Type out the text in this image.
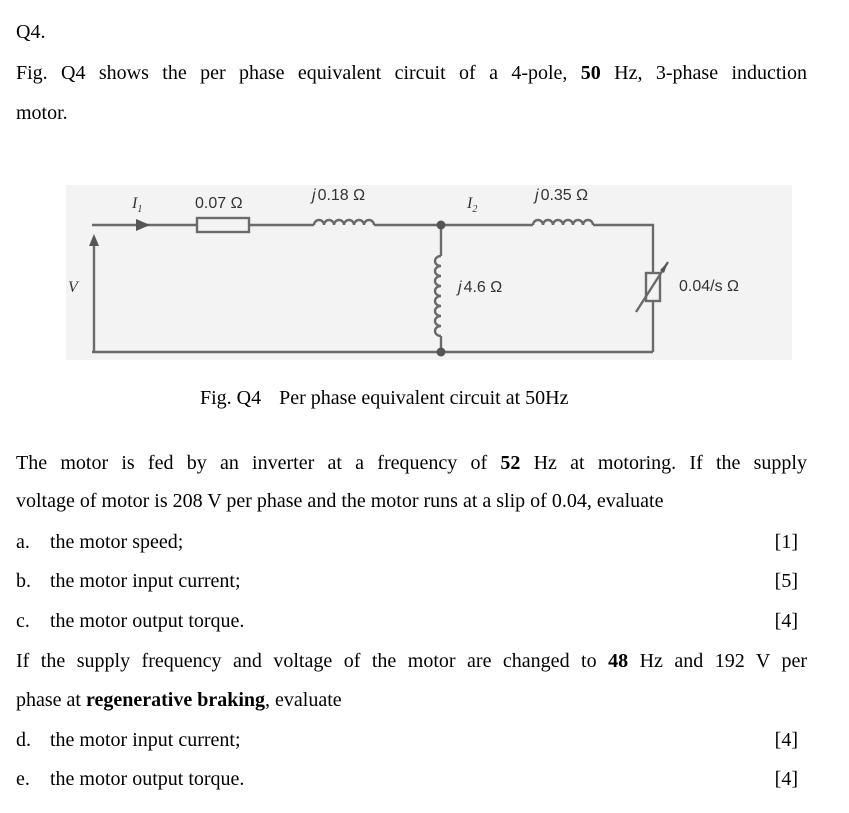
Q4.
Fig. Q4 shows the per phase equivalent circuit of a 4-pole, 50 Hz, 3-phase induction
motor.
$I_1$	0.07 Ω	j 0.18 Ω	$I_2$
j 0.35 Ω
j 4.6 Ω	0.04/s Ω
V
Fig. Q4 Per phase equivalent circuit at 50Hz
The motor is fed by an inverter at a frequency of 52 Hz at motoring. If the supply
voltage of motor is 208 V per phase and the motor runs at a slip of 0.04, evaluate
a. the motor speed;	[1]
b. the motor input current;	[5]
c. the motor output torque.	[4]
If the supply frequency and voltage of the motor are changed to 48 Hz and 192 V per
phase at regenerative braking, evaluate
d. the motor input current;	[4]
e. the motor output torque.	[4]
